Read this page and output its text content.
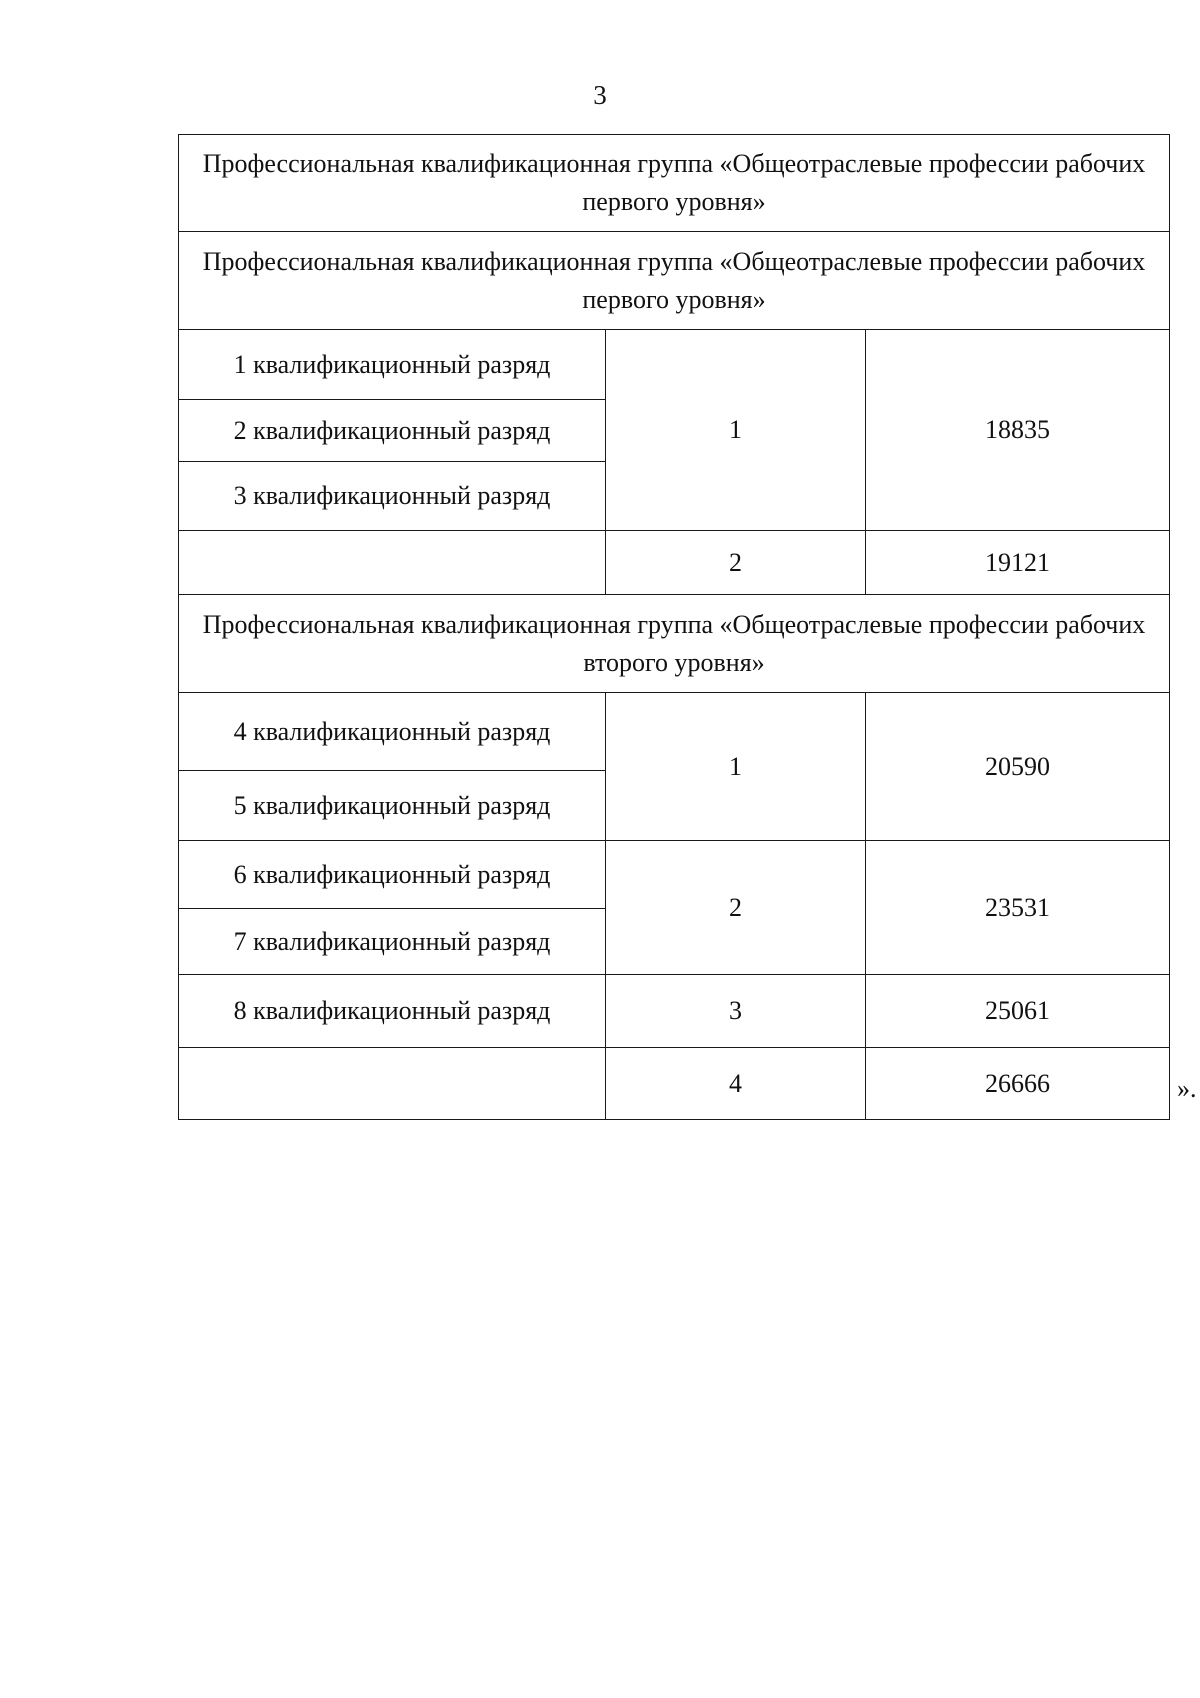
3
Профессиональная квалификационная группа «Общеотраслевые профессии рабочих первого уровня»		
Профессиональная квалификационная группа «Общеотраслевые профессии рабочих первого уровня»		
1 квалификационный разряд	1	18835
2 квалификационный разряд		
3 квалификационный разряд		
	2	19121
Профессиональная квалификационная группа «Общеотраслевые профессии рабочих второго уровня»		
4 квалификационный разряд	1	20590
5 квалификационный разряд		
6 квалификационный разряд	2	23531
7 квалификационный разряд		
8 квалификационный разряд	3	25061
	4	26666	».
